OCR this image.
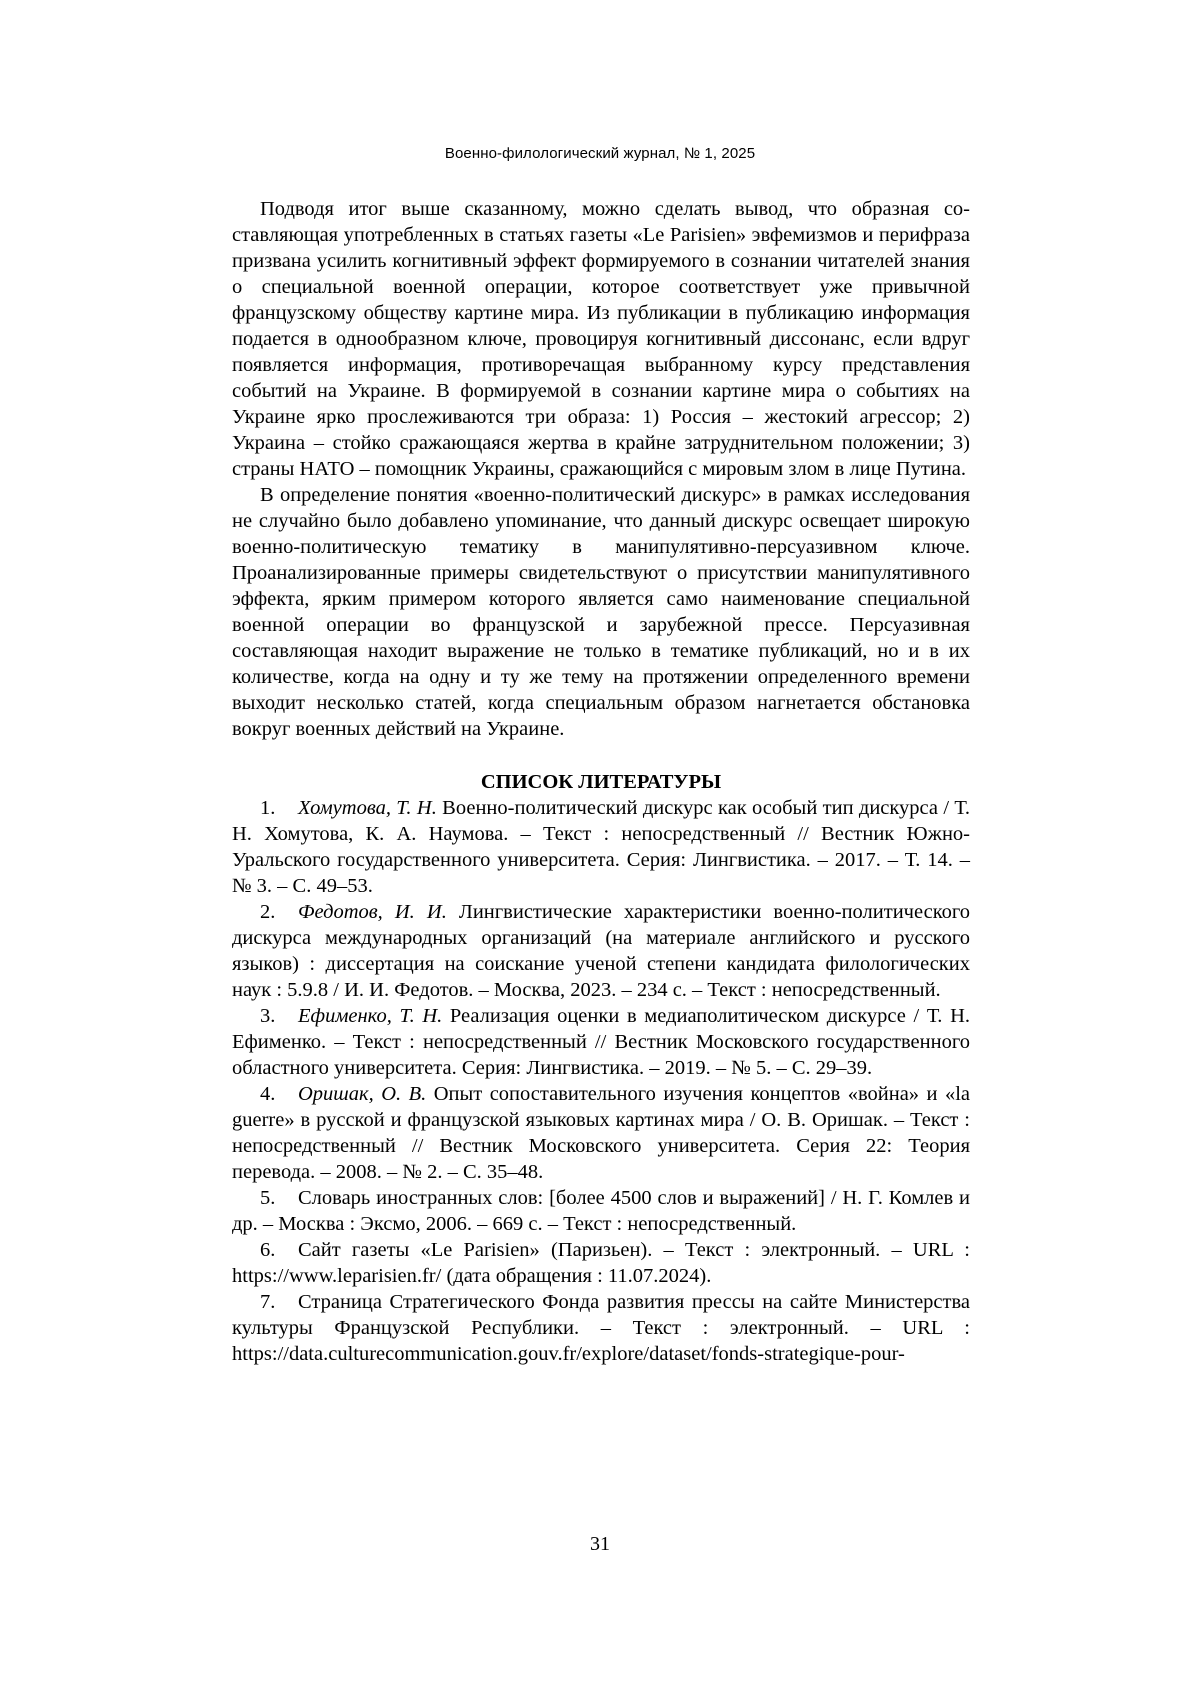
Военно-филологический журнал, № 1, 2025

Подводя итог выше сказанному, можно сделать вывод, что образная составляющая употребленных в статьях газеты «Le Parisien» эвфемизмов и перифраза призвана усилить когнитивный эффект формируемого в сознании читателей знания о специальной военной операции, которое соответствует уже привычной французскому обществу картине мира. Из публикации в публикацию информация подается в однообразном ключе, провоцируя когнитивный диссонанс, если вдруг появляется информация, противоречащая выбранному курсу представления событий на Украине. В формируемой в сознании картине мира о событиях на Украине ярко прослеживаются три образа: 1) Россия – жестокий агрессор; 2) Украина – стойко сражающаяся жертва в крайне затруднительном положении; 3) страны НАТО – помощник Украины, сражающийся с мировым злом в лице Путина.

В определение понятия «военно-политический дискурс» в рамках исследования не случайно было добавлено упоминание, что данный дискурс освещает широкую военно-политическую тематику в манипулятивно-персуазивном ключе. Проанализированные примеры свидетельствуют о присутствии манипулятивного эффекта, ярким примером которого является само наименование специальной военной операции во французской и зарубежной прессе. Персуазивная составляющая находит выражение не только в тематике публикаций, но и в их количестве, когда на одну и ту же тему на протяжении определенного времени выходит несколько статей, когда специальным образом нагнетается обстановка вокруг военных действий на Украине.

СПИСОК ЛИТЕРАТУРЫ

1. Хомутова, Т. Н. Военно-политический дискурс как особый тип дискурса / Т. Н. Хомутова, К. А. Наумова. – Текст : непосредственный // Вестник Южно-Уральского государственного университета. Серия: Лингвистика. – 2017. – Т. 14. – № 3. – С. 49–53.

2. Федотов, И. И. Лингвистические характеристики военно-политического дискурса международных организаций (на материале английского и русского языков) : диссертация на соискание ученой степени кандидата филологических наук : 5.9.8 / И. И. Федотов. – Москва, 2023. – 234 с. – Текст : непосредственный.

3. Ефименко, Т. Н. Реализация оценки в медиаполитическом дискурсе / Т. Н. Ефименко. – Текст : непосредственный // Вестник Московского государственного областного университета. Серия: Лингвистика. – 2019. – № 5. – С. 29–39.

4. Оришак, О. В. Опыт сопоставительного изучения концептов «война» и «la guerre» в русской и французской языковых картинах мира / О. В. Оришак. – Текст : непосредственный // Вестник Московского университета. Серия 22: Теория перевода. – 2008. – № 2. – С. 35–48.

5. Словарь иностранных слов: [более 4500 слов и выражений] / Н. Г. Комлев и др. – Москва : Эксмо, 2006. – 669 с. – Текст : непосредственный.

6. Сайт газеты «Le Parisien» (Паризьен). – Текст : электронный. – URL : https://www.leparisien.fr/ (дата обращения : 11.07.2024).

7. Страница Стратегического Фонда развития прессы на сайте Министерства культуры Французской Республики. – Текст : электронный. – URL : https://data.culturecommunication.gouv.fr/explore/dataset/fonds-strategique-pour-

31
